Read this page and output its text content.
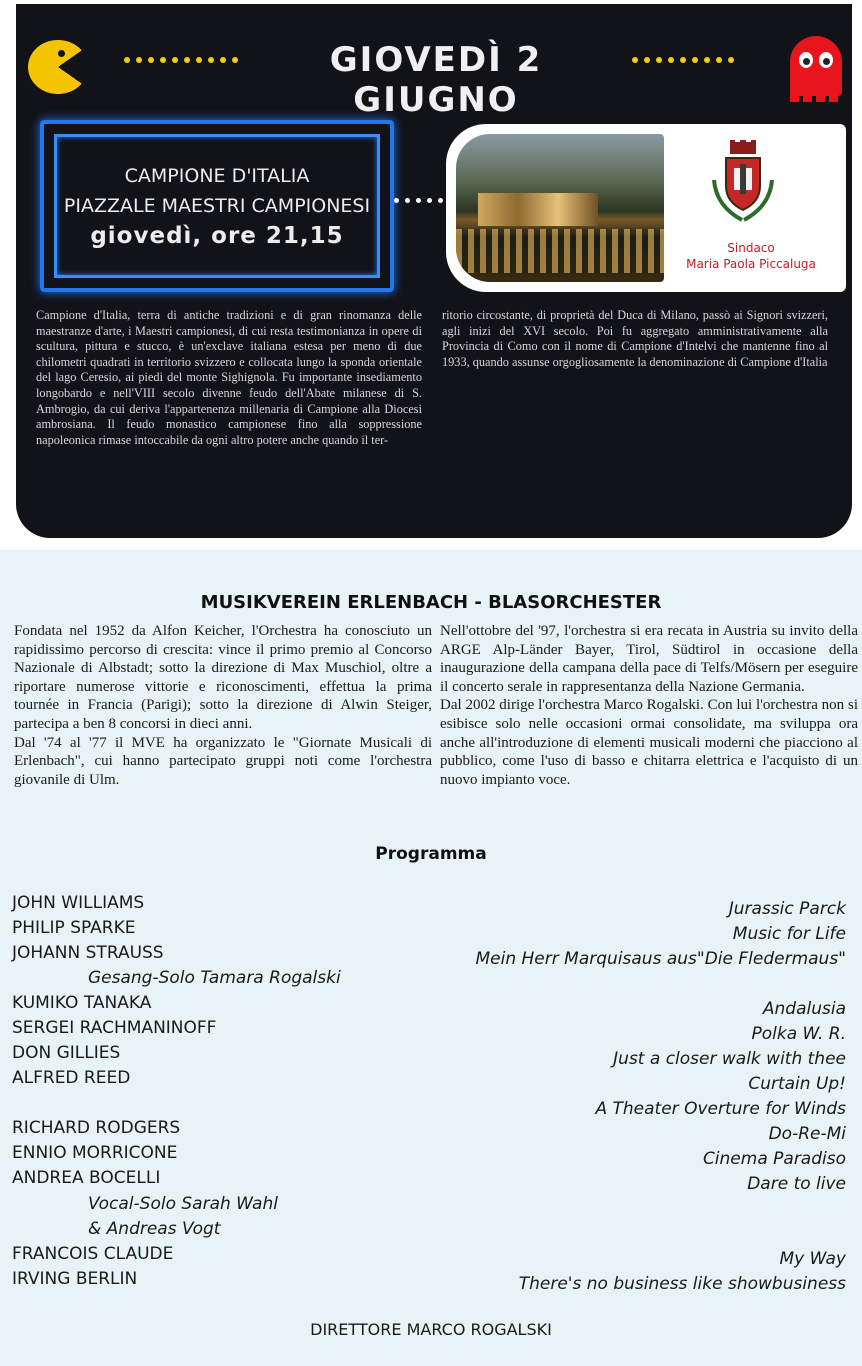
GIOVEDÌ 2 GIUGNO
CAMPIONE D'ITALIA
PIAZZALE MAESTRI CAMPIONESI
giovedì, ore 21,15	Sindaco
Maria Paola Piccaluga

Campione d'Italia, terra di antiche tradizioni e di gran rinomanza delle maestranze d'arte, i Maestri campionesi, di cui resta testimonianza in opere di scultura, pittura e stucco, è un'exclave italiana estesa per meno di due chilometri quadrati in territorio svizzero e collocata lungo la sponda orientale del lago Ceresio, ai piedi del monte Sighignola. Fu importante insediamento longobardo e nell'VIII secolo divenne feudo dell'Abate milanese di S. Ambrogio, da cui deriva l'appartenenza millenaria di Campione alla Diocesi ambrosiana. Il feudo monastico campionese fino alla soppressione napoleonica rimase intoccabile da ogni altro potere anche quando il ter-

ritorio circostante, di proprietà del Duca di Milano, passò ai Signori svizzeri, agli inizi del XVI secolo. Poi fu aggregato amministrativamente alla Provincia di Como con il nome di Campione d'Intelvi che mantenne fino al 1933, quando assunse orgogliosamente la denominazione di Campione d'Italia

MUSIKVEREIN ERLENBACH - BLASORCHESTER

Fondata nel 1952 da Alfon Keicher, l'Orchestra ha conosciuto un rapidissimo percorso di crescita: vince il primo premio al Concorso Nazionale di Albstadt; sotto la direzione di Max Muschiol, oltre a riportare numerose vittorie e riconoscimenti, effettua la prima tournée in Francia (Parigi); sotto la direzione di Alwin Steiger, partecipa a ben 8 concorsi in dieci anni.

Dal '74 al '77 il MVE ha organizzato le "Giornate Musicali di Erlenbach", cui hanno partecipato gruppi noti come l'orchestra giovanile di Ulm.

Nell'ottobre del '97, l'orchestra si era recata in Austria su invito della ARGE Alp-Länder Bayer, Tirol, Südtirol in occasione della inaugurazione della campana della pace di Telfs/Mösern per eseguire il concerto serale in rappresentanza della Nazione Germania.

Dal 2002 dirige l'orchestra Marco Rogalski. Con lui l'orchestra non si esibisce solo nelle occasioni ormai consolidate, ma sviluppa ora anche all'introduzione di elementi musicali moderni che piacciono al pubblico, come l'uso di basso e chitarra elettrica e l'acquisto di un nuovo impianto voce.

Programma
JOHN WILLIAMS
PHILIP SPARKE
JOHANN STRAUSS
Gesang-Solo Tamara Rogalski
KUMIKO TANAKA
SERGEI RACHMANINOFF
DON GILLIES
ALFRED REED
RICHARD RODGERS
ENNIO MORRICONE
ANDREA BOCELLI
Vocal-Solo Sarah Wahl
& Andreas Vogt
FRANCOIS CLAUDE
IRVING BERLIN
Jurassic Parck
Music for Life
Mein Herr Marquisaus aus"Die Fledermaus"
Andalusia
Polka W. R.
Just a closer walk with thee
Curtain Up!
A Theater Overture for Winds
Do-Re-Mi
Cinema Paradiso
Dare to live
My Way
There's no business like showbusiness
DIRETTORE MARCO ROGALSKI
